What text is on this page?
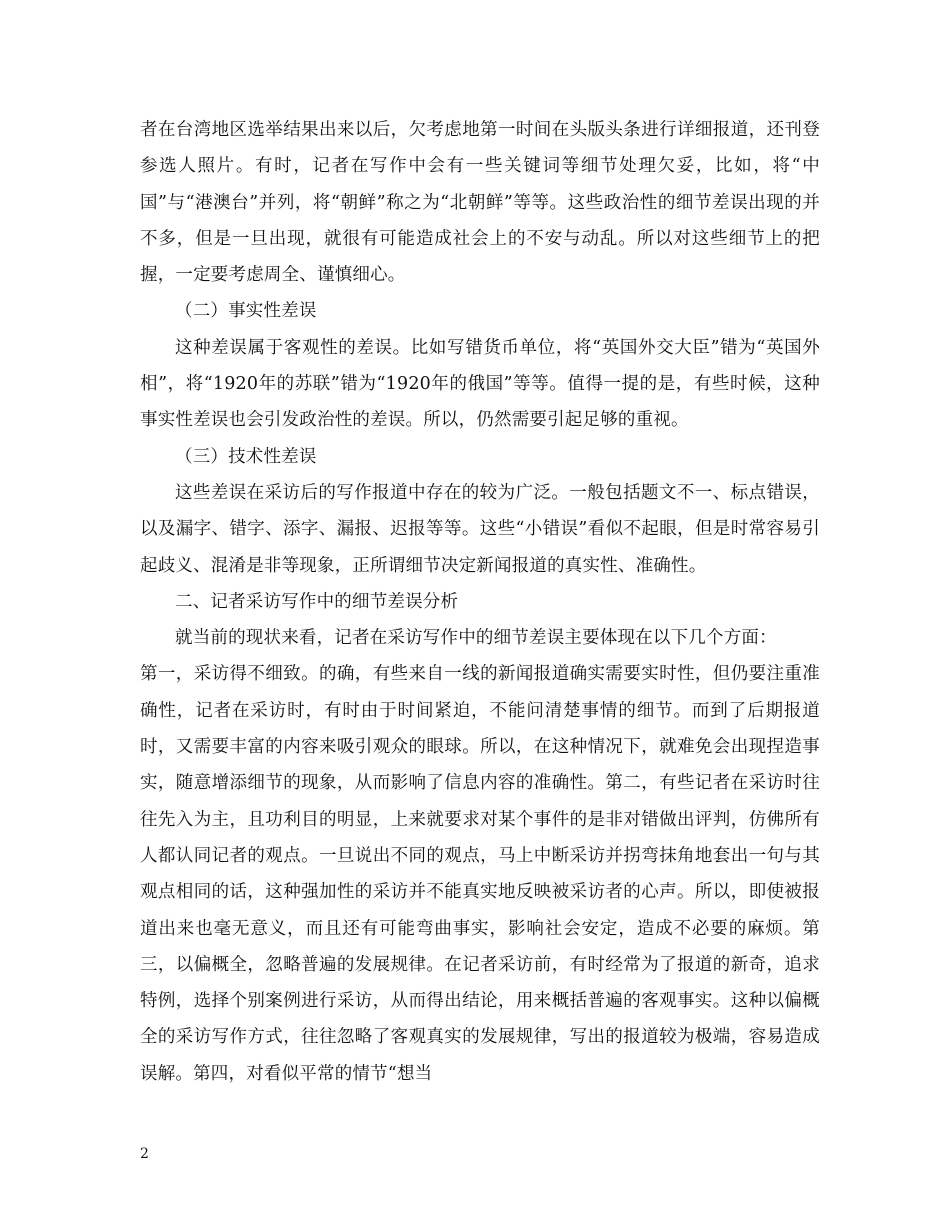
者在台湾地区选举结果出来以后，欠考虑地第一时间在头版头条进行详细报道，还刊登参选人照片。有时，记者在写作中会有一些关键词等细节处理欠妥，比如，将“中国”与“港澳台”并列，将“朝鲜”称之为“北朝鲜”等等。这些政治性的细节差误出现的并不多，但是一旦出现，就很有可能造成社会上的不安与动乱。所以对这些细节上的把握，一定要考虑周全、谨慎细心。

（二）事实性差误

这种差误属于客观性的差误。比如写错货币单位，将“英国外交大臣”错为“英国外相”，将“1920年的苏联”错为“1920年的俄国”等等。值得一提的是，有些时候，这种事实性差误也会引发政治性的差误。所以，仍然需要引起足够的重视。

（三）技术性差误

这些差误在采访后的写作报道中存在的较为广泛。一般包括题文不一、标点错误，以及漏字、错字、添字、漏报、迟报等等。这些“小错误”看似不起眼，但是时常容易引起歧义、混淆是非等现象，正所谓细节决定新闻报道的真实性、准确性。

二、记者采访写作中的细节差误分析

就当前的现状来看，记者在采访写作中的细节差误主要体现在以下几个方面：

第一，采访得不细致。的确，有些来自一线的新闻报道确实需要实时性，但仍要注重准确性，记者在采访时，有时由于时间紧迫，不能问清楚事情的细节。而到了后期报道时，又需要丰富的内容来吸引观众的眼球。所以，在这种情况下，就难免会出现捏造事实，随意增添细节的现象，从而影响了信息内容的准确性。第二，有些记者在采访时往往先入为主，且功利目的明显，上来就要求对某个事件的是非对错做出评判，仿佛所有人都认同记者的观点。一旦说出不同的观点，马上中断采访并拐弯抹角地套出一句与其观点相同的话，这种强加性的采访并不能真实地反映被采访者的心声。所以，即使被报道出来也毫无意义，而且还有可能弯曲事实，影响社会安定，造成不必要的麻烦。第三，以偏概全，忽略普遍的发展规律。在记者采访前，有时经常为了报道的新奇，追求特例，选择个别案例进行采访，从而得出结论，用来概括普遍的客观事实。这种以偏概全的采访写作方式，往往忽略了客观真实的发展规律，写出的报道较为极端，容易造成误解。第四，对看似平常的情节“想当

2
